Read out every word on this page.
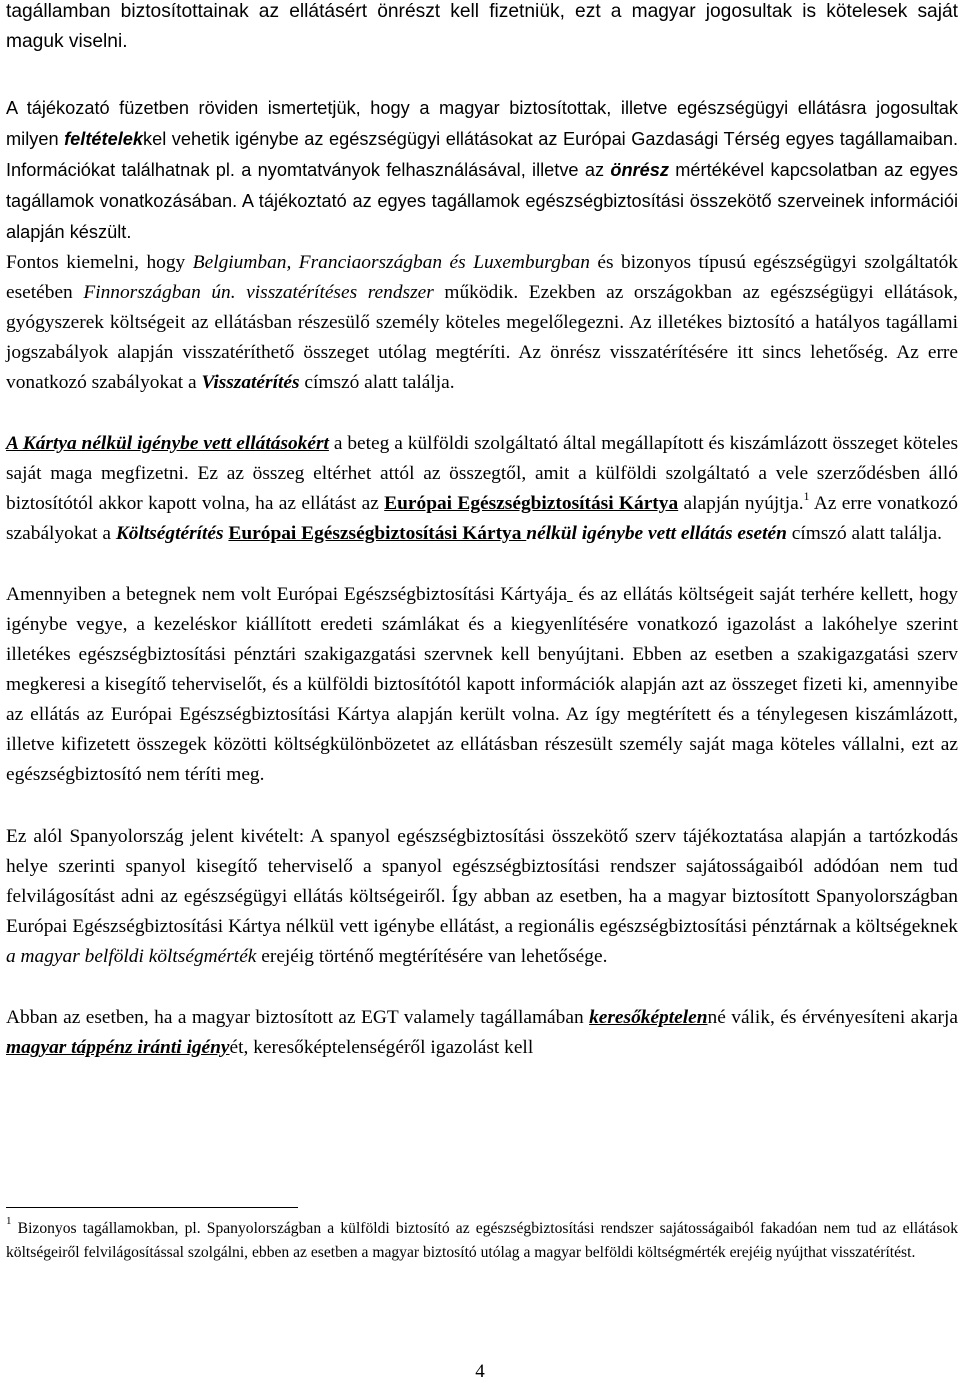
tagállamban biztosítottainak az ellátásért önrészt kell fizetniük, ezt a magyar jogosultak is kötelesek saját maguk viselni.

A tájékozató füzetben röviden ismertetjük, hogy a magyar biztosítottak, illetve egészségügyi ellátásra jogosultak milyen feltételekkel vehetik igénybe az egészségügyi ellátásokat az Európai Gazdasági Térség egyes tagállamaiban. Információkat találhatnak pl. a nyomtatványok felhasználásával, illetve az önrész mértékével kapcsolatban az egyes tagállamok vonatkozásában. A tájékoztató az egyes tagállamok egészségbiztosítási összekötő szerveinek információi alapján készült.
Fontos kiemelni, hogy Belgiumban, Franciaországban és Luxemburgban és bizonyos típusú egészségügyi szolgáltatók esetében Finnországban ún. visszatérítéses rendszer működik. Ezekben az országokban az egészségügyi ellátások, gyógyszerek költségeit az ellátásban részesülő személy köteles megelőlegezni. Az illetékes biztosító a hatályos tagállami jogszabályok alapján visszatéríthető összeget utólag megtéríti. Az önrész visszatérítésére itt sincs lehetőség. Az erre vonatkozó szabályokat a Visszatérítés címszó alatt találja.

A Kártya nélkül igénybe vett ellátásokért a beteg a külföldi szolgáltató által megállapított és kiszámlázott összeget köteles saját maga megfizetni. Ez az összeg eltérhet attól az összegtől, amit a külföldi szolgáltató a vele szerződésben álló biztosítótól akkor kapott volna, ha az ellátást az Európai Egészségbiztosítási Kártya alapján nyújtja.$^1$ Az erre vonatkozó szabályokat a Költségtérítés Európai Egészségbiztosítási Kártya nélkül igénybe vett ellátás esetén címszó alatt találja.

Amennyiben a betegnek nem volt Európai Egészségbiztosítási Kártyája  és az ellátás költségeit saját terhére kellett, hogy igénybe vegye, a kezeléskor kiállított eredeti számlákat és a kiegyenlítésére vonatkozó igazolást a lakóhelye szerint illetékes egészségbiztosítási pénztári szakigazgatási szervnek kell benyújtani. Ebben az esetben a szakigazgatási szerv megkeresi a kisegítő teherviselőt, és a külföldi biztosítótól kapott információk alapján azt az összeget fizeti ki, amennyibe az ellátás az Európai Egészségbiztosítási Kártya alapján került volna. Az így megtérített és a ténylegesen kiszámlázott, illetve kifizetett összegek közötti költségkülönbözetet az ellátásban részesült személy saját maga köteles vállalni, ezt az egészségbiztosító nem téríti meg.

Ez alól Spanyolország jelent kivételt: A spanyol egészségbiztosítási összekötő szerv tájékoztatása alapján a tartózkodás helye szerinti spanyol kisegítő teherviselő a spanyol egészségbiztosítási rendszer sajátosságaiból adódóan nem tud felvilágosítást adni az egészségügyi ellátás költségeiről. Így abban az esetben, ha a magyar biztosított Spanyolországban Európai Egészségbiztosítási Kártya nélkül vett igénybe ellátást, a regionális egészségbiztosítási pénztárnak a költségeknek a magyar belföldi költségmérték erejéig történő megtérítésére van lehetősége.

Abban az esetben, ha a magyar biztosított az EGT valamely tagállamában keresőképtelenné válik, és érvényesíteni akarja magyar táppénz iránti igényét, keresőképtelenségéről igazolást kell

$^1$ Bizonyos tagállamokban, pl. Spanyolországban a külföldi biztosító az egészségbiztosítási rendszer sajátosságaiból fakadóan nem tud az ellátások költségeiről felvilágosítással szolgálni, ebben az esetben a magyar biztosító utólag a magyar belföldi költségmérték erejéig nyújthat visszatérítést.

4
